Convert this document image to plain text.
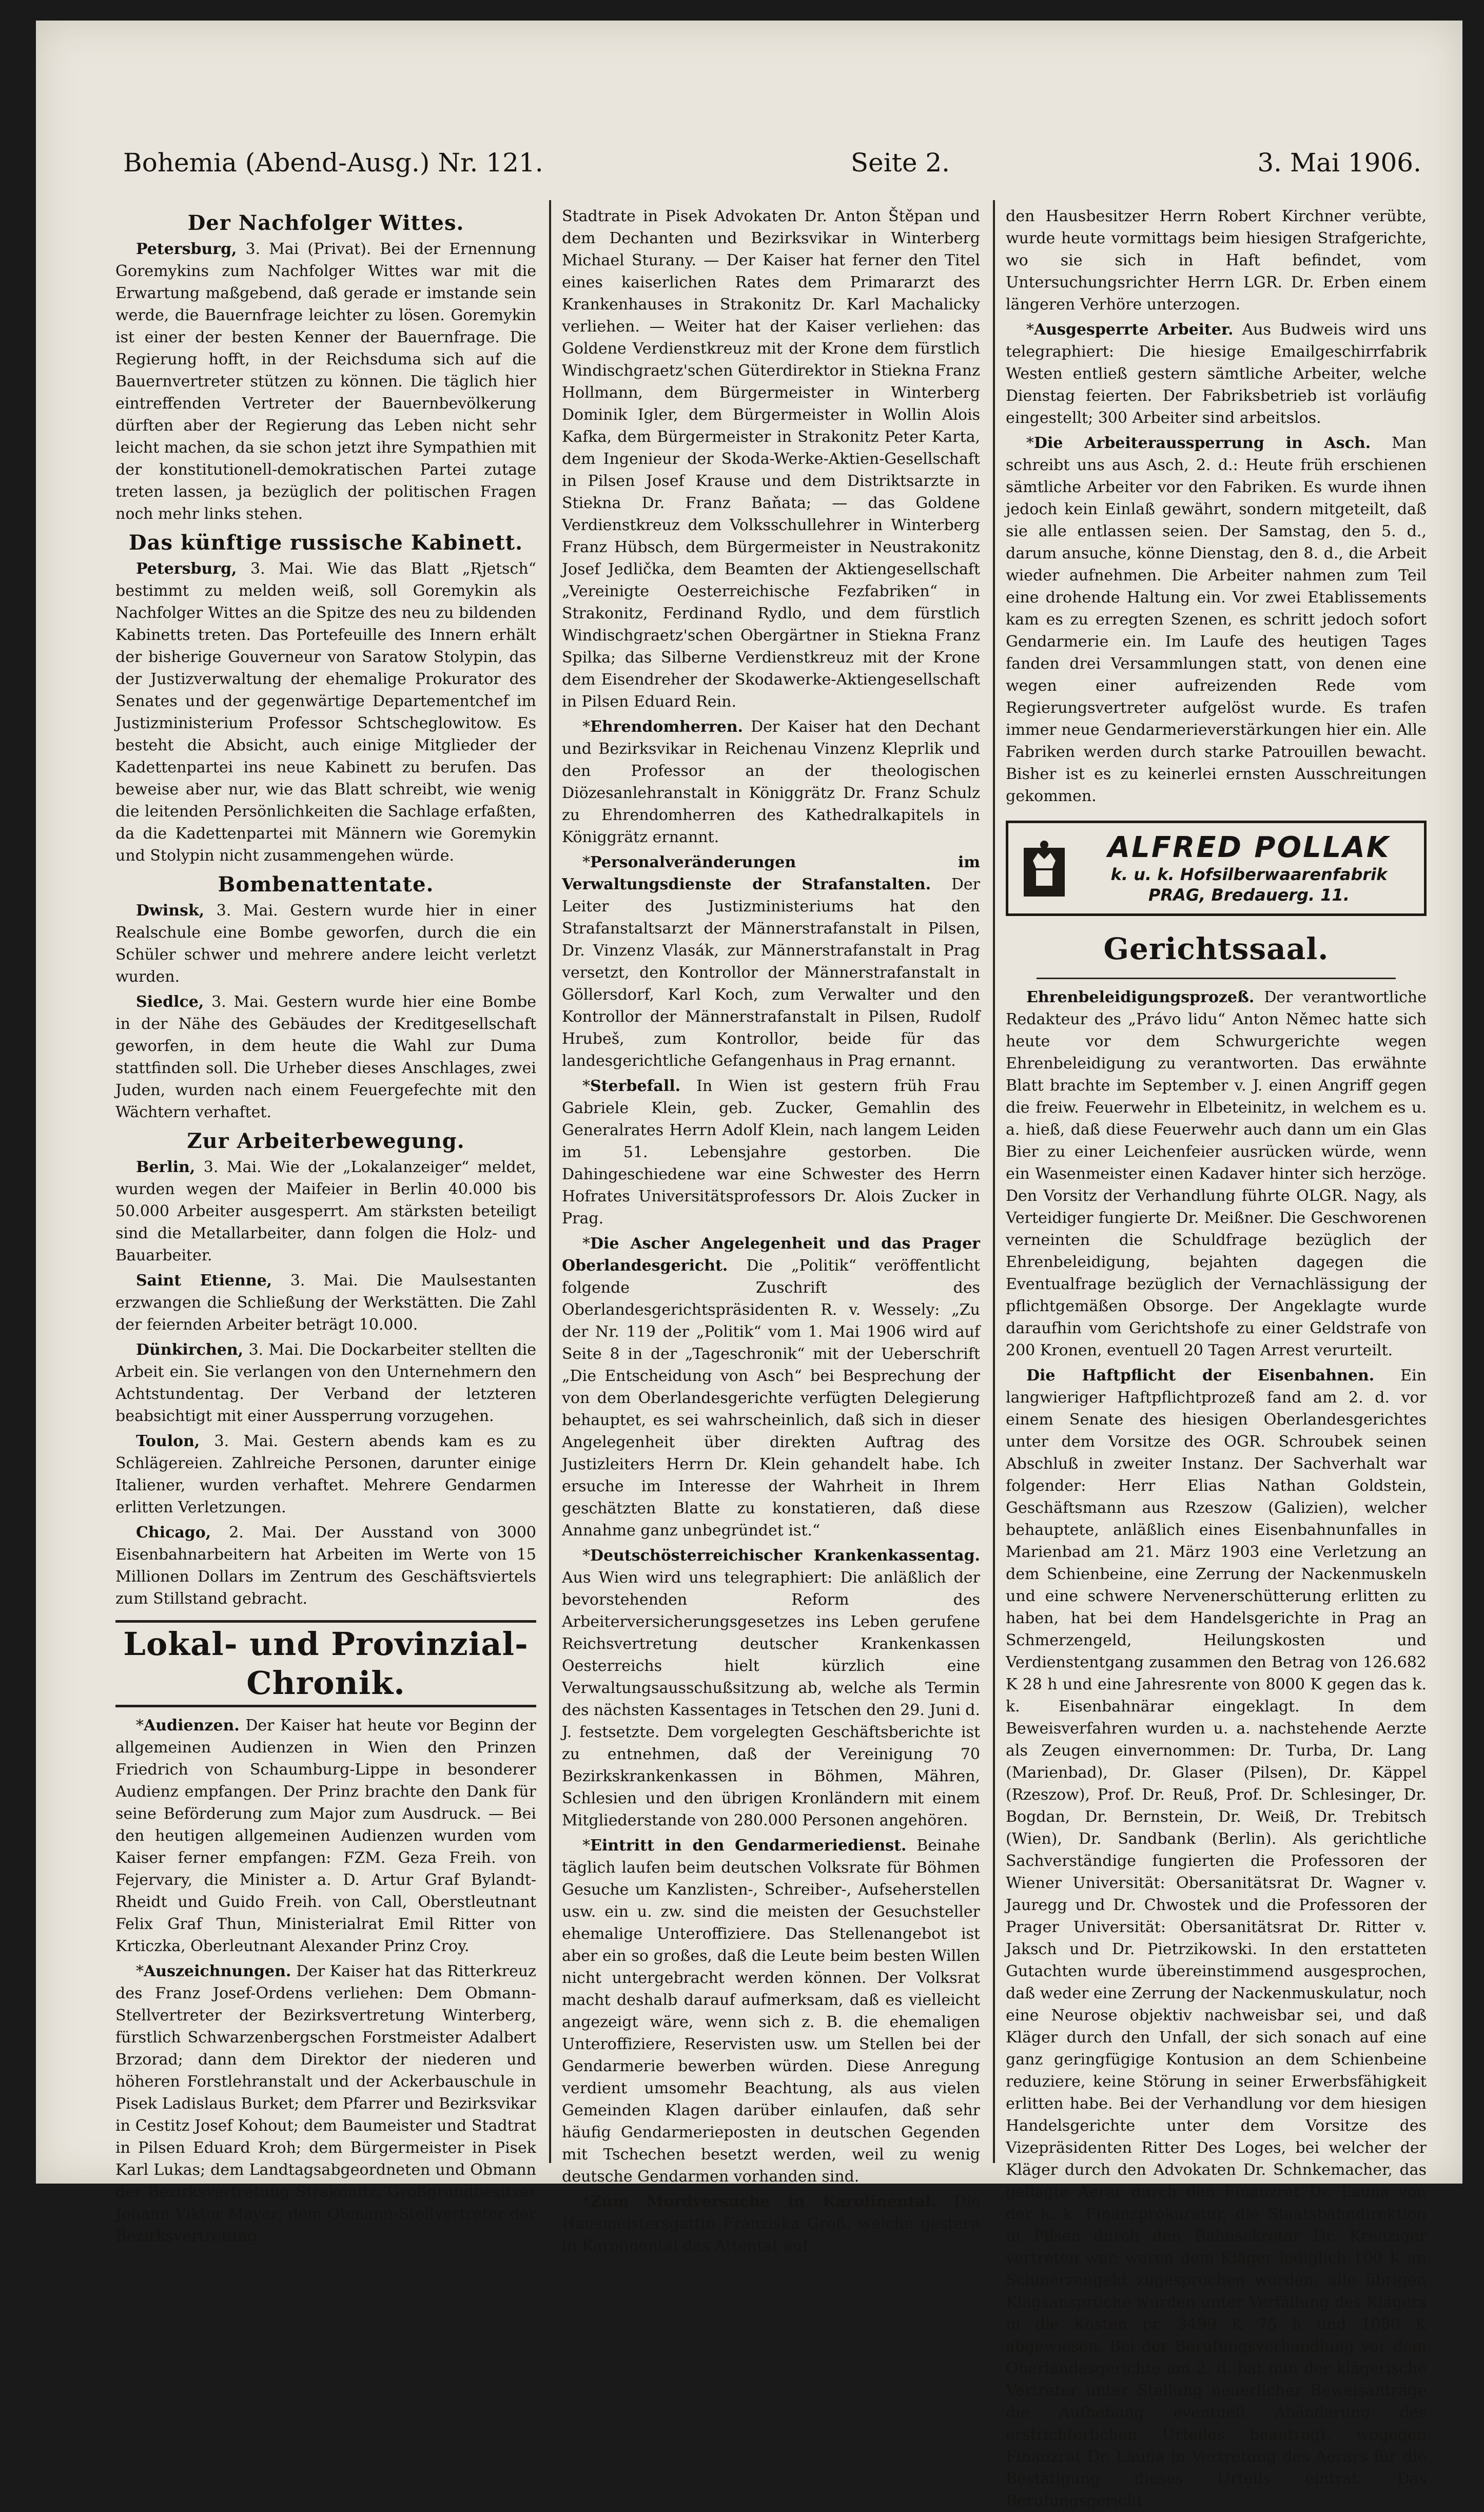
Bohemia (Abend-Ausg.) Nr. 121.	Seite 2.	3. Mai 1906.
Der Nachfolger Wittes.

Petersburg, 3. Mai (Privat). Bei der Ernennung Goremykins zum Nachfolger Wittes war mit die Erwartung maßgebend, daß gerade er imstande sein werde, die Bauernfrage leichter zu lösen. Goremykin ist einer der besten Kenner der Bauernfrage. Die Regierung hofft, in der Reichsduma sich auf die Bauernvertreter stützen zu können. Die täglich hier eintreffenden Vertreter der Bauernbevölkerung dürften aber der Regierung das Leben nicht sehr leicht machen, da sie schon jetzt ihre Sympathien mit der konstitutionell-demokratischen Partei zutage treten lassen, ja bezüglich der politischen Fragen noch mehr links stehen.

Das künftige russische Kabinett.

Petersburg, 3. Mai. Wie das Blatt „Rjetsch“ bestimmt zu melden weiß, soll Goremykin als Nachfolger Wittes an die Spitze des neu zu bildenden Kabinetts treten. Das Portefeuille des Innern erhält der bisherige Gouverneur von Saratow Stolypin, das der Justizverwaltung der ehemalige Prokurator des Senates und der gegenwärtige Departementchef im Justizministerium Professor Schtscheglowitow. Es besteht die Absicht, auch einige Mitglieder der Kadettenpartei ins neue Kabinett zu berufen. Das beweise aber nur, wie das Blatt schreibt, wie wenig die leitenden Persönlichkeiten die Sachlage erfaßten, da die Kadettenpartei mit Männern wie Goremykin und Stolypin nicht zusammengehen würde.

Bombenattentate.

Dwinsk, 3. Mai. Gestern wurde hier in einer Realschule eine Bombe geworfen, durch die ein Schüler schwer und mehrere andere leicht verletzt wurden.

Siedlce, 3. Mai. Gestern wurde hier eine Bombe in der Nähe des Gebäudes der Kreditgesellschaft geworfen, in dem heute die Wahl zur Duma stattfinden soll. Die Urheber dieses Anschlages, zwei Juden, wurden nach einem Feuergefechte mit den Wächtern verhaftet.

Zur Arbeiterbewegung.

Berlin, 3. Mai. Wie der „Lokalanzeiger“ meldet, wurden wegen der Maifeier in Berlin 40.000 bis 50.000 Arbeiter ausgesperrt. Am stärksten beteiligt sind die Metallarbeiter, dann folgen die Holz- und Bauarbeiter.

Saint Etienne, 3. Mai. Die Maulsestanten erzwangen die Schließung der Werkstätten. Die Zahl der feiernden Arbeiter beträgt 10.000.

Dünkirchen, 3. Mai. Die Dockarbeiter stellten die Arbeit ein. Sie verlangen von den Unternehmern den Achtstundentag. Der Verband der letzteren beabsichtigt mit einer Aussperrung vorzugehen.

Toulon, 3. Mai. Gestern abends kam es zu Schlägereien. Zahlreiche Personen, darunter einige Italiener, wurden verhaftet. Mehrere Gendarmen erlitten Verletzungen.

Chicago, 2. Mai. Der Ausstand von 3000 Eisenbahnarbeitern hat Arbeiten im Werte von 15 Millionen Dollars im Zentrum des Geschäftsviertels zum Stillstand gebracht.

Lokal- und Provinzial-Chronik.

*Audienzen. Der Kaiser hat heute vor Beginn der allgemeinen Audienzen in Wien den Prinzen Friedrich von Schaumburg-Lippe in besonderer Audienz empfangen. Der Prinz brachte den Dank für seine Beförderung zum Major zum Ausdruck. — Bei den heutigen allgemeinen Audienzen wurden vom Kaiser ferner empfangen: FZM. Geza Freih. von Fejervary, die Minister a. D. Artur Graf Bylandt-Rheidt und Guido Freih. von Call, Oberstleutnant Felix Graf Thun, Ministerialrat Emil Ritter von Krticzka, Oberleutnant Alexander Prinz Croy.

*Auszeichnungen. Der Kaiser hat das Ritterkreuz des Franz Josef-Ordens verliehen: Dem Obmann-Stellvertreter der Bezirksvertretung Winterberg, fürstlich Schwarzenbergschen Forstmeister Adalbert Brzorad; dann dem Direktor der niederen und höheren Forstlehranstalt und der Ackerbauschule in Pisek Ladislaus Burket; dem Pfarrer und Bezirksvikar in Cestitz Josef Kohout; dem Baumeister und Stadtrat in Pilsen Eduard Kroh; dem Bürgermeister in Pisek Karl Lukas; dem Landtagsabgeordneten und Obmann der Bezirksvertretung Strakonitz, Großgrundbesitzer Johann Viktor Mayer; dem Obmann-Stellvertreter der Bezirksvertretung

Stadtrate in Pisek Advokaten Dr. Anton Štěpan und dem Dechanten und Bezirksvikar in Winterberg Michael Sturany. — Der Kaiser hat ferner den Titel eines kaiserlichen Rates dem Primararzt des Krankenhauses in Strakonitz Dr. Karl Machalicky verliehen. — Weiter hat der Kaiser verliehen: das Goldene Verdienstkreuz mit der Krone dem fürstlich Windischgraetz'schen Güterdirektor in Stiekna Franz Hollmann, dem Bürgermeister in Winterberg Dominik Igler, dem Bürgermeister in Wollin Alois Kafka, dem Bürgermeister in Strakonitz Peter Karta, dem Ingenieur der Skoda-Werke-Aktien-Gesellschaft in Pilsen Josef Krause und dem Distriktsarzte in Stiekna Dr. Franz Baňata; — das Goldene Verdienstkreuz dem Volksschullehrer in Winterberg Franz Hübsch, dem Bürgermeister in Neustrakonitz Josef Jedlička, dem Beamten der Aktiengesellschaft „Vereinigte Oesterreichische Fezfabriken“ in Strakonitz, Ferdinand Rydlo, und dem fürstlich Windischgraetz'schen Obergärtner in Stiekna Franz Spilka; das Silberne Verdienstkreuz mit der Krone dem Eisendreher der Skodawerke-Aktiengesellschaft in Pilsen Eduard Rein.

*Ehrendomherren. Der Kaiser hat den Dechant und Bezirksvikar in Reichenau Vinzenz Kleprlik und den Professor an der theologischen Diözesanlehranstalt in Königgrätz Dr. Franz Schulz zu Ehrendomherren des Kathedralkapitels in Königgrätz ernannt.

*Personalveränderungen im Verwaltungsdienste der Strafanstalten. Der Leiter des Justizministeriums hat den Strafanstaltsarzt der Männerstrafanstalt in Pilsen, Dr. Vinzenz Vlasák, zur Männerstrafanstalt in Prag versetzt, den Kontrollor der Männerstrafanstalt in Göllersdorf, Karl Koch, zum Verwalter und den Kontrollor der Männerstrafanstalt in Pilsen, Rudolf Hrubeš, zum Kontrollor, beide für das landesgerichtliche Gefangenhaus in Prag ernannt.

*Sterbefall. In Wien ist gestern früh Frau Gabriele Klein, geb. Zucker, Gemahlin des Generalrates Herrn Adolf Klein, nach langem Leiden im 51. Lebensjahre gestorben. Die Dahingeschiedene war eine Schwester des Herrn Hofrates Universitätsprofessors Dr. Alois Zucker in Prag.

*Die Ascher Angelegenheit und das Prager Oberlandesgericht. Die „Politik“ veröffentlicht folgende Zuschrift des Oberlandesgerichtspräsidenten R. v. Wessely: „Zu der Nr. 119 der „Politik“ vom 1. Mai 1906 wird auf Seite 8 in der „Tageschronik“ mit der Ueberschrift „Die Entscheidung von Asch“ bei Besprechung der von dem Oberlandesgerichte verfügten Delegierung behauptet, es sei wahrscheinlich, daß sich in dieser Angelegenheit über direkten Auftrag des Justizleiters Herrn Dr. Klein gehandelt habe. Ich ersuche im Interesse der Wahrheit in Ihrem geschätzten Blatte zu konstatieren, daß diese Annahme ganz unbegründet ist.“

*Deutschösterreichischer Krankenkassentag. Aus Wien wird uns telegraphiert: Die anläßlich der bevorstehenden Reform des Arbeiterversicherungsgesetzes ins Leben gerufene Reichsvertretung deutscher Krankenkassen Oesterreichs hielt kürzlich eine Verwaltungsausschußsitzung ab, welche als Termin des nächsten Kassentages in Tetschen den 29. Juni d. J. festsetzte. Dem vorgelegten Geschäftsberichte ist zu entnehmen, daß der Vereinigung 70 Bezirkskrankenkassen in Böhmen, Mähren, Schlesien und den übrigen Kronländern mit einem Mitgliederstande von 280.000 Personen angehören.

*Eintritt in den Gendarmeriedienst. Beinahe täglich laufen beim deutschen Volksrate für Böhmen Gesuche um Kanzlisten-, Schreiber-, Aufseherstellen usw. ein u. zw. sind die meisten der Gesuchsteller ehemalige Unteroffiziere. Das Stellenangebot ist aber ein so großes, daß die Leute beim besten Willen nicht untergebracht werden können. Der Volksrat macht deshalb darauf aufmerksam, daß es vielleicht angezeigt wäre, wenn sich z. B. die ehemaligen Unteroffiziere, Reservisten usw. um Stellen bei der Gendarmerie bewerben würden. Diese Anregung verdient umsomehr Beachtung, als aus vielen Gemeinden Klagen darüber einlaufen, daß sehr häufig Gendarmerieposten in deutschen Gegenden mit Tschechen besetzt werden, weil zu wenig deutsche Gendarmen vorhanden sind.

*Zum Mordversuche in Karolinental. Die Hausmeistersgattin Franziska Groß, welche gestern in Karolinental das Attentat auf

den Hausbesitzer Herrn Robert Kirchner verübte, wurde heute vormittags beim hiesigen Strafgerichte, wo sie sich in Haft befindet, vom Untersuchungsrichter Herrn LGR. Dr. Erben einem längeren Verhöre unterzogen.

*Ausgesperrte Arbeiter. Aus Budweis wird uns telegraphiert: Die hiesige Emailgeschirrfabrik Westen entließ gestern sämtliche Arbeiter, welche Dienstag feierten. Der Fabriksbetrieb ist vorläufig eingestellt; 300 Arbeiter sind arbeitslos.

*Die Arbeiteraussperrung in Asch. Man schreibt uns aus Asch, 2. d.: Heute früh erschienen sämtliche Arbeiter vor den Fabriken. Es wurde ihnen jedoch kein Einlaß gewährt, sondern mitgeteilt, daß sie alle entlassen seien. Der Samstag, den 5. d., darum ansuche, könne Dienstag, den 8. d., die Arbeit wieder aufnehmen. Die Arbeiter nahmen zum Teil eine drohende Haltung ein. Vor zwei Etablissements kam es zu erregten Szenen, es schritt jedoch sofort Gendarmerie ein. Im Laufe des heutigen Tages fanden drei Versammlungen statt, von denen eine wegen einer aufreizenden Rede vom Regierungsvertreter aufgelöst wurde. Es trafen immer neue Gendarmerieverstärkungen hier ein. Alle Fabriken werden durch starke Patrouillen bewacht. Bisher ist es zu keinerlei ernsten Ausschreitungen gekommen.

ALFRED POLLAK
k. u. k. Hofsilberwaarenfabrik
PRAG, Bredauerg. 11.
Gerichtssaal.

Ehrenbeleidigungsprozeß. Der verantwortliche Redakteur des „Právo lidu“ Anton Němec hatte sich heute vor dem Schwurgerichte wegen Ehrenbeleidigung zu verantworten. Das erwähnte Blatt brachte im September v. J. einen Angriff gegen die freiw. Feuerwehr in Elbeteinitz, in welchem es u. a. hieß, daß diese Feuerwehr auch dann um ein Glas Bier zu einer Leichenfeier ausrücken würde, wenn ein Wasenmeister einen Kadaver hinter sich herzöge. Den Vorsitz der Verhandlung führte OLGR. Nagy, als Verteidiger fungierte Dr. Meißner. Die Geschworenen verneinten die Schuldfrage bezüglich der Ehrenbeleidigung, bejahten dagegen die Eventualfrage bezüglich der Vernachlässigung der pflichtgemäßen Obsorge. Der Angeklagte wurde daraufhin vom Gerichtshofe zu einer Geldstrafe von 200 Kronen, eventuell 20 Tagen Arrest verurteilt.

Die Haftpflicht der Eisenbahnen. Ein langwieriger Haftpflichtprozeß fand am 2. d. vor einem Senate des hiesigen Oberlandesgerichtes unter dem Vorsitze des OGR. Schroubek seinen Abschluß in zweiter Instanz. Der Sachverhalt war folgender: Herr Elias Nathan Goldstein, Geschäftsmann aus Rzeszow (Galizien), welcher behauptete, anläßlich eines Eisenbahnunfalles in Marienbad am 21. März 1903 eine Verletzung an dem Schienbeine, eine Zerrung der Nackenmuskeln und eine schwere Nervenerschütterung erlitten zu haben, hat bei dem Handelsgerichte in Prag an Schmerzengeld, Heilungskosten und Verdienstentgang zusammen den Betrag von 126.682 K 28 h und eine Jahresrente von 8000 K gegen das k. k. Eisenbahnärar eingeklagt. In dem Beweisverfahren wurden u. a. nachstehende Aerzte als Zeugen einvernommen: Dr. Turba, Dr. Lang (Marienbad), Dr. Glaser (Pilsen), Dr. Käppel (Rzeszow), Prof. Dr. Reuß, Prof. Dr. Schlesinger, Dr. Bogdan, Dr. Bernstein, Dr. Weiß, Dr. Trebitsch (Wien), Dr. Sandbank (Berlin). Als gerichtliche Sachverständige fungierten die Professoren der Wiener Universität: Obersanitätsrat Dr. Wagner v. Jauregg und Dr. Chwostek und die Professoren der Prager Universität: Obersanitätsrat Dr. Ritter v. Jaksch und Dr. Pietrzikowski. In den erstatteten Gutachten wurde übereinstimmend ausgesprochen, daß weder eine Zerrung der Nackenmuskulatur, noch eine Neurose objektiv nachweisbar sei, und daß Kläger durch den Unfall, der sich sonach auf eine ganz geringfügige Kontusion an dem Schienbeine reduziere, keine Störung in seiner Erwerbsfähigkeit erlitten habe. Bei der Verhandlung vor dem hiesigen Handelsgerichte unter dem Vorsitze des Vizepräsidenten Ritter Des Loges, bei welcher der Kläger durch den Advokaten Dr. Schnkemacher, das gellagte Aerar durch den Finanzrat Dr. Launa von der k. k. Finanzprokuratur, die Staatsbahndirektion in Pilsen durch den Bahnsekretär Dr. Krenziger vertreten war, waren dem Kläger lediglich 100 K an Schmerzengeld zugesprochen worden, alle übrigen Klagsansprüche wurden unter Verfällung des Klägers in die Kosten pr. 3499 K 75 h und 1080 K abgewiesen. Bei der Berufungsverhandlung vor dem Oberlandesgerichte am 2. d. hat nun der klägerische Vertreter unter Stellung neuerlicher Beweisanträge die Aufhebung eventuell Abänderung des erstrichterlichen Urteiles beantragt, wogegen Finanzrat Dr. Launa in Vertretung des Aerars für die Bestätigung dieses Urteils eintrat. Das Berufungsgericht
